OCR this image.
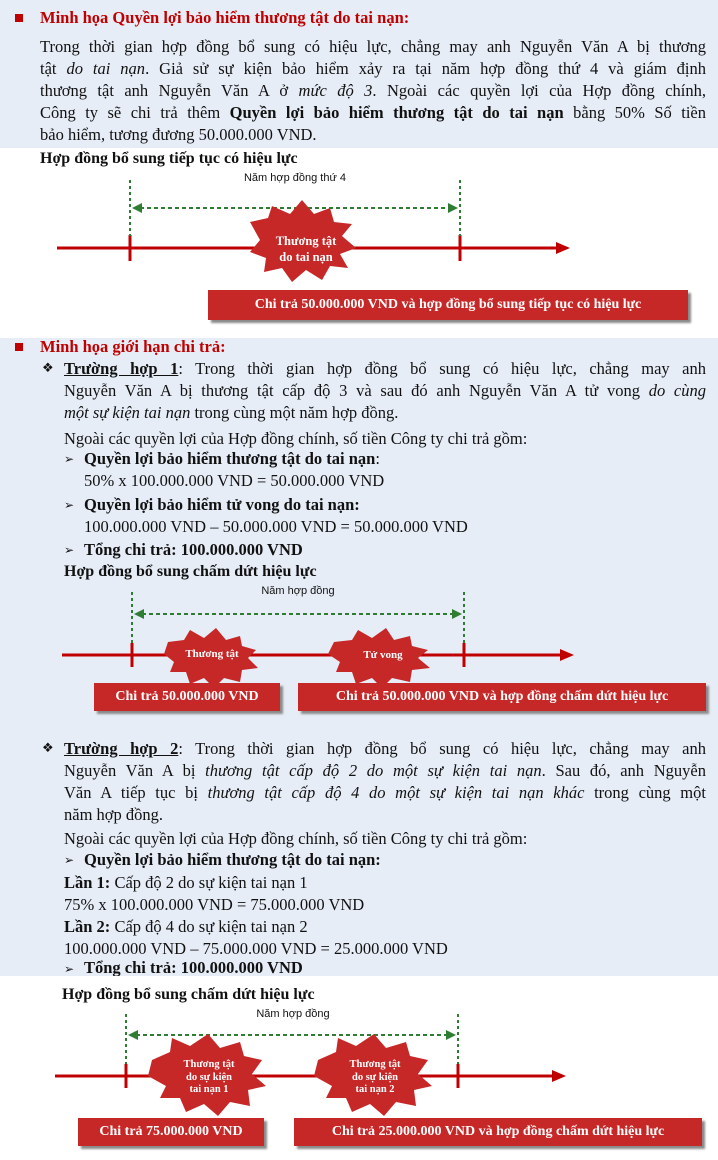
Minh họa Quyền lợi bảo hiểm thương tật do tai nạn:

Trong thời gian hợp đồng bổ sung có hiệu lực, chẳng may anh Nguyễn Văn A bị thương

tật do tai nạn. Giả sử sự kiện bảo hiểm xảy ra tại năm hợp đồng thứ 4 và giám định

thương tật anh Nguyễn Văn A ở mức độ 3. Ngoài các quyền lợi của Hợp đồng chính,

Công ty sẽ chi trả thêm Quyền lợi bảo hiểm thương tật do tai nạn bằng 50% Số tiền

bảo hiểm, tương đương 50.000.000 VND.

Hợp đồng bổ sung tiếp tục có hiệu lực

Năm hợp đồng thứ 4

Thương tật
do tai nạn
Chi trả 50.000.000 VND và hợp đồng bổ sung tiếp tục có hiệu lực

Minh họa giới hạn chi trả:

❖ Trường hợp 1: Trong thời gian hợp đồng bổ sung có hiệu lực, chẳng may anh

Nguyễn Văn A bị thương tật cấp độ 3 và sau đó anh Nguyễn Văn A tử vong do cùng

một sự kiện tai nạn trong cùng một năm hợp đồng.

Ngoài các quyền lợi của Hợp đồng chính, số tiền Công ty chi trả gồm:

➢ Quyền lợi bảo hiểm thương tật do tai nạn:

50% x 100.000.000 VND = 50.000.000 VND

➢ Quyền lợi bảo hiểm tử vong do tai nạn:

100.000.000 VND – 50.000.000 VND = 50.000.000 VND

➢ Tổng chi trả: 100.000.000 VND

Hợp đồng bổ sung chấm dứt hiệu lực

Năm hợp đồng

Thương tật	Tử vong
Chi trả 50.000.000 VND	Chi trả 50.000.000 VND và hợp đồng chấm dứt hiệu lực
❖ Trường hợp 2: Trong thời gian hợp đồng bổ sung có hiệu lực, chẳng may anh

Nguyễn Văn A bị thương tật cấp độ 2 do một sự kiện tai nạn. Sau đó, anh Nguyễn

Văn A tiếp tục bị thương tật cấp độ 4 do một sự kiện tai nạn khác trong cùng một

năm hợp đồng.

Ngoài các quyền lợi của Hợp đồng chính, số tiền Công ty chi trả gồm:

➢ Quyền lợi bảo hiểm thương tật do tai nạn:

Lần 1: Cấp độ 2 do sự kiện tai nạn 1

75% x 100.000.000 VND = 75.000.000 VND

Lần 2: Cấp độ 4 do sự kiện tai nạn 2

100.000.000 VND – 75.000.000 VND = 25.000.000 VND

➢ Tổng chi trả: 100.000.000 VND

Hợp đồng bổ sung chấm dứt hiệu lực

Năm hợp đồng

Thương tật
do sự kiện
tai nạn 1
Thương tật
do sự kiện
tai nạn 2
Chi trả 75.000.000 VND	Chi trả 25.000.000 VND và hợp đồng chấm dứt hiệu lực
